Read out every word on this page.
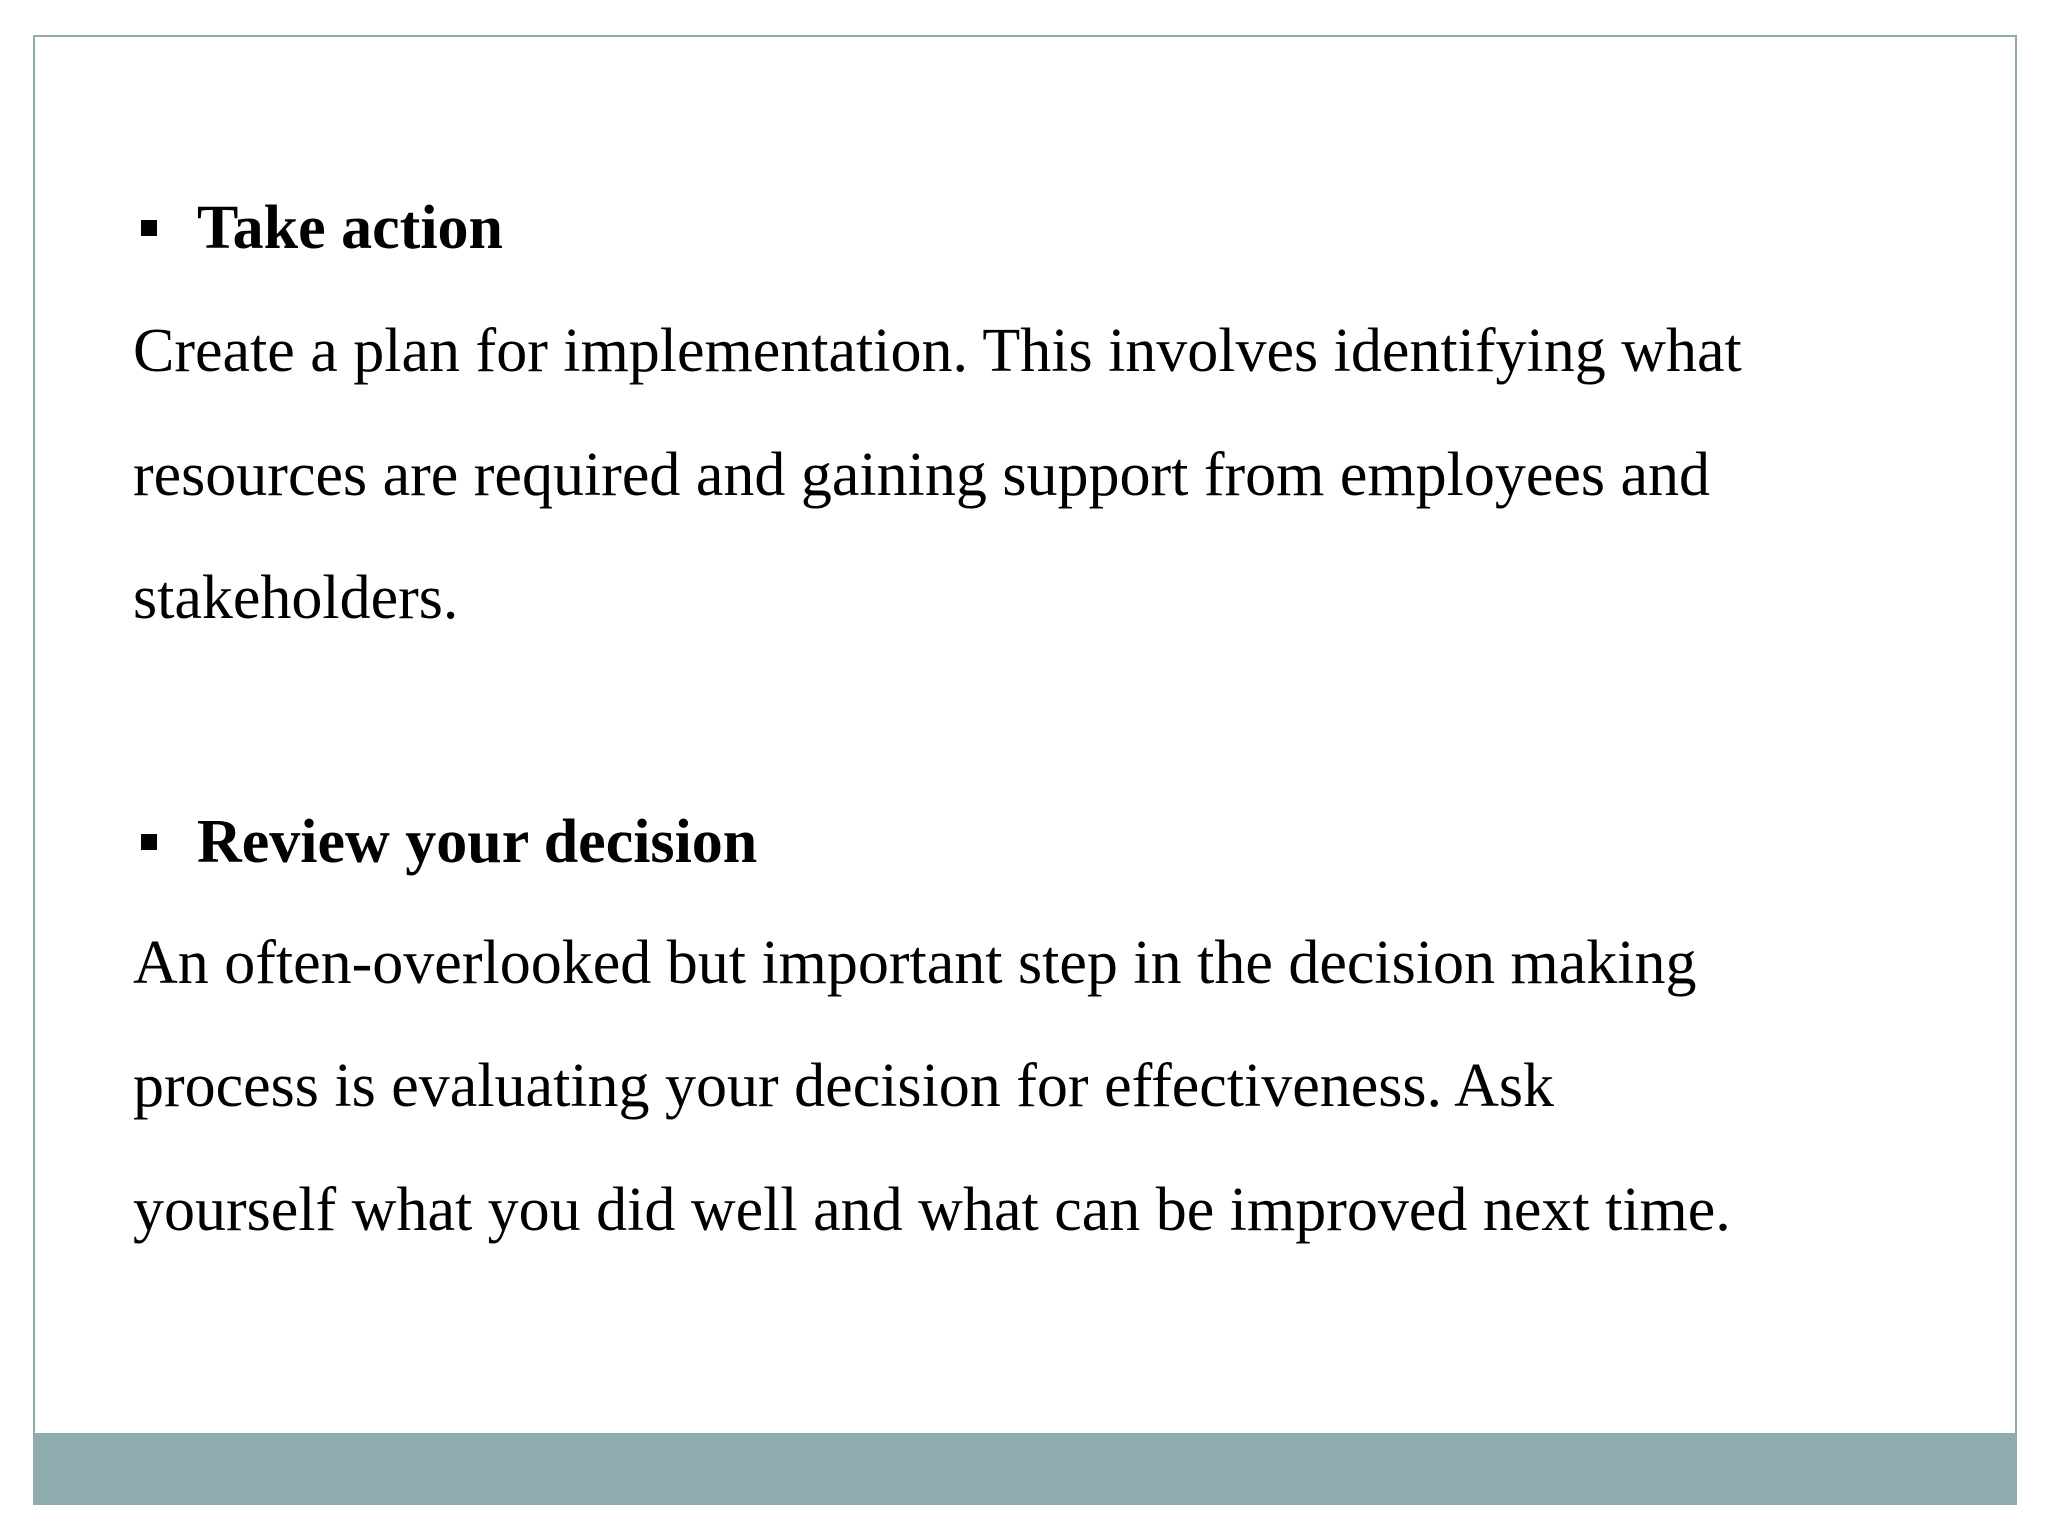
Take action
Create a plan for implementation. This involves identifying what
resources are required and gaining support from employees and
stakeholders.
Review your decision
An often-overlooked but important step in the decision making
process is evaluating your decision for effectiveness. Ask
yourself what you did well and what can be improved next time.
